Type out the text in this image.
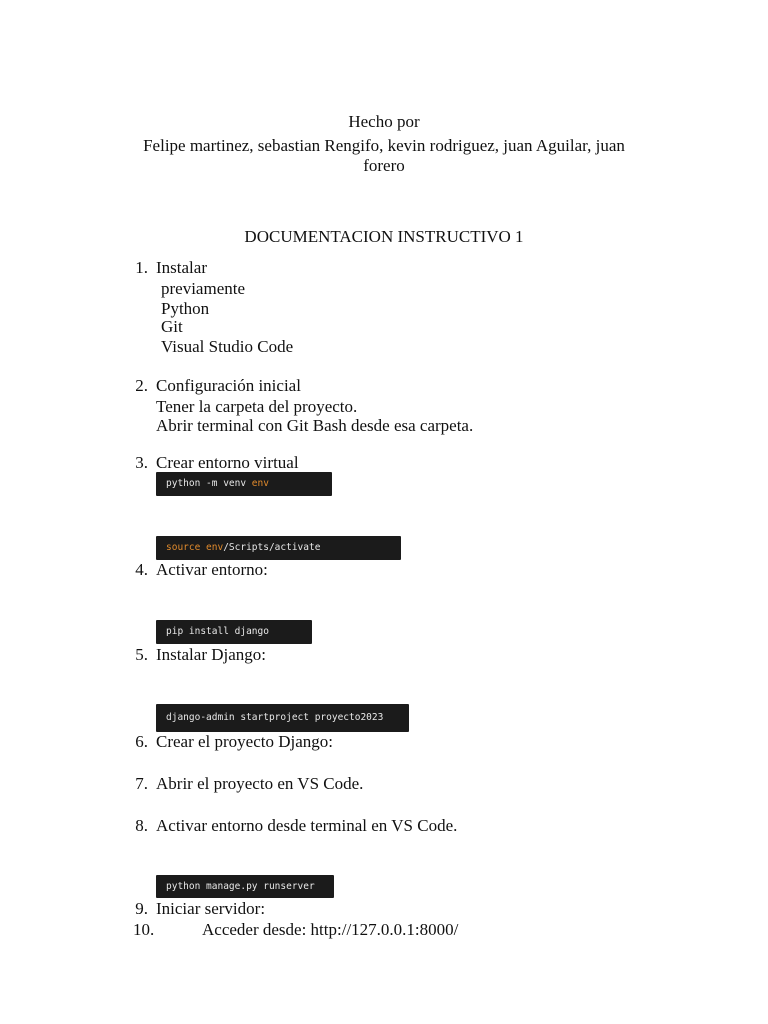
Hecho por
Felipe martinez, sebastian Rengifo, kevin rodriguez, juan Aguilar, juan
forero
DOCUMENTACION INSTRUCTIVO 1
1. Instalar
previamente
Python
Git
Visual Studio Code
2. Configuración inicial
Tener la carpeta del proyecto.
Abrir terminal con Git Bash desde esa carpeta.
3. Crear entorno virtual
python -m venv env
source env/Scripts/activate
4. Activar entorno:
pip install django
5. Instalar Django:
django-admin startproject proyecto2023
6. Crear el proyecto Django:
7. Abrir el proyecto en VS Code.
8. Activar entorno desde terminal en VS Code.
python manage.py runserver
9. Iniciar servidor:
10.	Acceder desde: http://127.0.0.1:8000/
